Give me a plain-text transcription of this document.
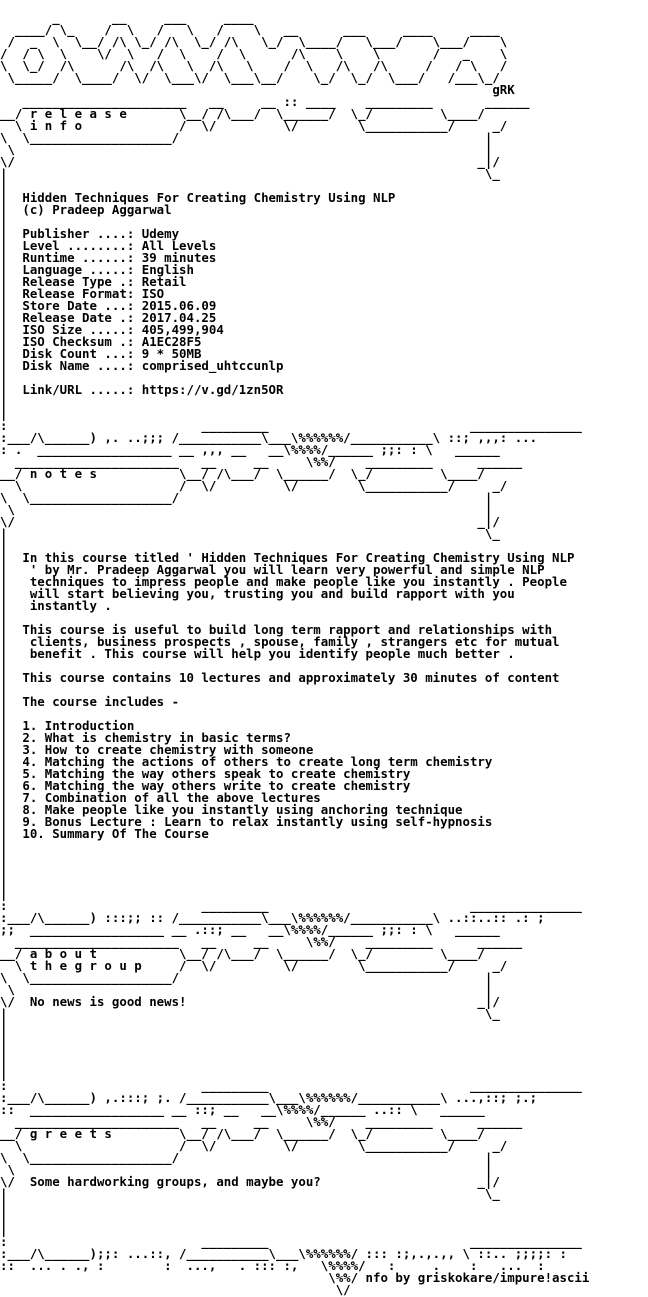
_       __     ___     ____
____/ \_    /  \   /   \   /    \   __      ___     ____     ____
/  _  \  \__/ /\ \_/ /\  \_/ /\   \_/  \____/   \___/    \___/    \
/  / \  \    \/  \   /  \    /  \      /\    \    \       /   _    \
\  \_/  /\      /\  /\   \  /\   \    /  \   /\   /\     /   / \   /
\_____/  \____/  \/  \___\/  \___\__/    \_/  \_/  \___/   /___\_/
gRK
______________________   __     __ :: ____    _________       ______
__/ r e l e a s e       \__/ /\___/  \______/  \_/         \____/
\ i n f o             /  \/         \/        \___________/     _/
\  \___________________/                                         |
\                                                               |
\/                                                              _|/
|                                                                \_
|
|  Hidden Techniques For Creating Chemistry Using NLP
|  (c) Pradeep Aggarwal
|
|  Publisher ....: Udemy
|  Level ........: All Levels
|  Runtime ......: 39 minutes
|  Language .....: English
|  Release Type .: Retail
|  Release Format: ISO
|  Store Date ...: 2015.06.09
|  Release Date .: 2017.04.25
|  ISO Size .....: 405,499,904
|  ISO Checksum .: A1EC28F5
|  Disk Count ...: 9 * 50MB
|  Disk Name ....: comprised_uhtccunlp
|
|  Link/URL .....: https://v.gd/1zn5OR
|
|
:                          _________                           _______________
:___/\______) ,. ..;;; /___________\___\%%%%%%/___________\ ::; ,,,: ...
: .  __________________ __ ,,, __   __\%%%%/______ ;;: : \   ______
______________________   __     __     \%%/    _________      ______
__/ n o t e s           \__/ /\___/  \______/  \_/         \____/
\                     /  \/         \/        \___________/     _/
\  \___________________/                                         |
\                                                               |
\/                                                              _|/
|                                                                \_
|
|  In this course titled ' Hidden Techniques For Creating Chemistry Using NLP
|   ' by Mr. Pradeep Aggarwal you will learn very powerful and simple NLP
|   techniques to impress people and make people like you instantly . People
|   will start believing you, trusting you and build rapport with you
|   instantly .
|
|  This course is useful to build long term rapport and relationships with
|   clients, business prospects , spouse, family , strangers etc for mutual
|   benefit . This course will help you identify people much better .
|
|  This course contains 10 lectures and approximately 30 minutes of content
|
|  The course includes -
|
|  1. Introduction
|  2. What is chemistry in basic terms?
|  3. How to create chemistry with someone
|  4. Matching the actions of others to create long term chemistry
|  5. Matching the way others speak to create chemistry
|  6. Matching the way others write to create chemistry
|  7. Combination of all the above lectures
|  8. Make people like you instantly using anchoring technique
|  9. Bonus Lecture : Learn to relax instantly using self-hypnosis
|  10. Summary Of The Course
|
|
|
|
|
:                          _________                           _______________
:___/\______) :::;; :: /___________\___\%%%%%%/___________\ ..::..:: .: ;
;;  __________________ __ .::; __   __\%%%%/______ ;;: : \   ______
______________________   __     __     \%%/    _________      ______
__/ a b o u t           \__/ /\___/  \______/  \_/         \____/
\ t h e g r o u p     /  \/         \/        \___________/     _/
\  \___________________/                                         |
\                                                               |
\/  No news is good news!                                       _|/
|                                                                \_
|
|
|
|
|
:                          _________                           _______________
:___/\______) ,.:::; ;. /___________\___\%%%%%%/___________\ ...,::; ;.;
::  __________________ __ ::; __   __\%%%%/______ ..:: \   ______
______________________   __     __     \%%/    _________      ______
__/ g r e e t s         \__/ /\___/  \______/  \_/         \____/
\                     /  \/         \/        \___________/     _/
\  \___________________/                                         |
\                                                               |
\/  Some hardworking groups, and maybe you?                     _|/
|                                                                \_
|
|
|
:                          _________                           _______________
:___/\______);;: ...::, /___________\___\%%%%%%/ ::: :;,.,.,, \ ::.. ;;;;: :
::  ... . ., :        :  ...,   . ::: :,   \%%%%/   :     .    :   ...  :
\%%/ nfo by griskokare/impure!ascii
\/
